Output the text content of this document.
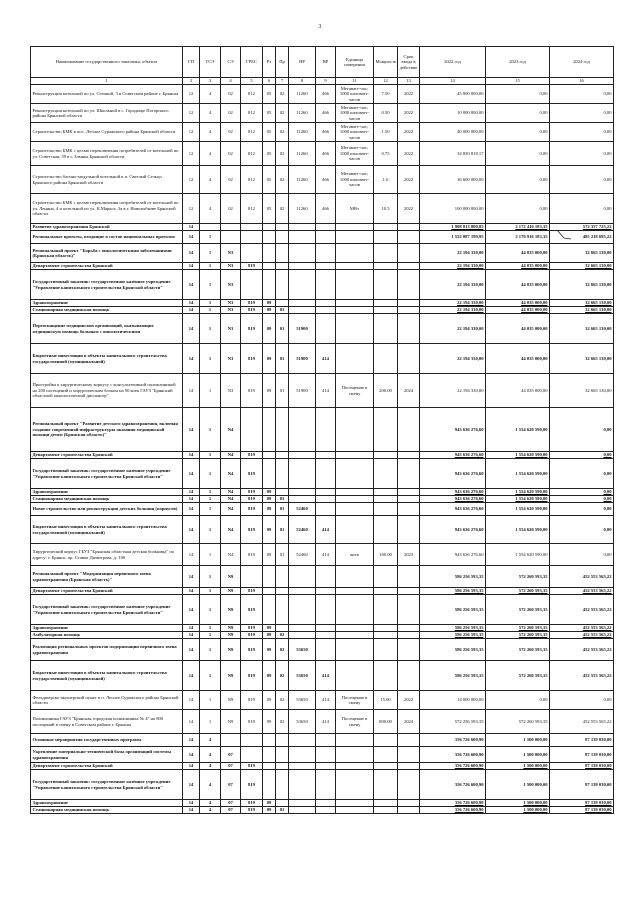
3
Наименование государственного заказчика, объекта	ГП	ТСЭ	СЭ	ГРБС	Рз	Пр	НР	ВР	Единица измерения	Мощность	Срок ввода в действие	2022 год	2023 год	2024 год
1	2	3	4	5	6	7	8	9	11	12	13	14	15	16
Реконструкция котельной по ул. Степной, 3 в Советском районе г. Брянска	12	4	02	812	05	02	11260	466	Мегаватт-час; 1000 киловатт-часов	7.50	2022	45 000 000,00	0,00	0,00
Реконструкция котельной по ул. Школьной в с. Городище Погарского района Брянской области	12	4	02	812	05	02	11260	466	Мегаватт-час; 1000 киловатт-часов	0.50	2022	10 000 000,00	0,00	0,00
Строительство БМК в пос. Лесное Суражского района Брянской области	12	4	02	812	05	02	11260	466	Мегаватт-час; 1000 киловатт-часов	1.50	2022	40 000 000,00	0,00	0,00
Строительство БМК с целью переключения потребителей от котельной по ул. Советская, 59 в г. Злынка Брянской области	12	4	02	812	05	02	11260	466	Мегаватт-час; 1000 киловатт-часов	0.75	2022	34 830 818,17	0,00	0,00
Строительство блочно-модульной котельной в п. Светлый Сельцо Брянского района Брянской области	12	4	02	812	05	02	11260	466	Мегаватт-час; 1000 киловатт-часов	1.6	2022	36 600 000,00	0,00	0,00
Строительство БМК с целью переключения потребителей от котельной по ул. Ленина, 4 и котельной по ул. К.Маркса, 3а в г. Новозыбкове Брянской области	12	4	02	812	05	02	11260	466	МВт	10.5	2022	100 000 000,00	0,00	0,00
Развитие здравоохранения Брянской	14											1 908 813 800,85	2 172 416 183,35	572 357 725,22
Региональные проекты, входящие в состав национальных проектов	14	1										1 552 087 199,95	2 170 916 183,35	485 218 695,22
Региональный проект "Борьба с онкологическими заболеваниями (Брянская область)"	14	1	N3									22 194 330,00	44 035 000,00	32 665 130,00
Департамент строительства Брянской	14	1	N3	819								22 194 330,00	44 035 000,00	32 665 130,00
Государственный заказчик: государственное казённое учреждение "Управление капитального строительства Брянской области"	14	1	N3									22 194 330,00	44 035 000,00	32 665 130,00
Здравоохранение	14	1	N3	819	09							22 194 330,00	44 035 000,00	32 665 130,00
Стационарная медицинская помощь	14	1	N3	819	09	01						22 194 330,00	44 035 000,00	32 665 130,00
Переоснащение медицинских организаций, оказывающих медицинскую помощь больным с онкологическими	14	1	N3	819	09	01	51900					22 194 330,00	44 035 000,00	32 665 130,00
Бюджетные инвестиции в объекты капитального строительства государственной (муниципальной)	14	1	N3	819	09	01	51900	414				22 194 330,00	44 035 000,00	32 665 130,00
Пристройка к хирургическому корпусу с консультативной поликлиникой на 200 посещений и хирургическим блоком на 90 коек ГАУЗ "Брянский областной онкологический диспансер"	14	1	N3	819	09	01	51900	414	Посещение в смену	200.00	2024	22 194 330,00	44 035 000,00	32 665 130,00
Региональный проект "Развитие детского здравоохранения, включая создание современной инфраструктуры оказания медицинской помощи детям (Брянская область)"	14	1	N4									943 636 276,60	1 554 620 590,00	0,00
Департамент строительства Брянской	14	1	N4	819								943 636 276,60	1 554 620 590,00	0,00
Государственный заказчик: государственное казённое учреждение "Управление капитального строительства Брянской области"	14	1	N4	819								943 636 276,60	1 554 620 590,00	0,00
Здравоохранение	14	1	N4	819	09							943 636 276,60	1 554 620 590,00	0,00
Стационарная медицинская помощь	14	1	N4	819	09	01						943 636 276,60	1 554 620 590,00	0,00
Новое строительство или реконструкция детских больниц (корпусов)	14	1	N4	819	09	01	52460					943 636 276,60	1 554 620 590,00	0,00
Бюджетные инвестиции в объекты капитального строительства государственной (муниципальной)	14	1	N4	819	09	01	52460	414				943 636 276,60	1 554 620 590,00	0,00
Хирургический корпус ГБУЗ "Брянская областная детская больница" по адресу: г. Брянск, пр. Станке Димитрова, д. 100	14	1	N4	819	09	01	52460	414	коек	160.00	2023	943 636 276,60	1 554 620 590,00	0,00
Региональный проект "Модернизация первичного звена здравоохранения (Брянская область)"	14	1	N9									586 256 593,35	572 260 593,35	452 553 565,22
Департамент строительства Брянской	14	1	N9	819								586 256 593,35	572 260 593,35	452 553 565,22
Государственный заказчик: государственное казённое учреждение "Управление капитального строительства Брянской области"	14	1	N9	819								586 256 593,35	572 260 593,35	452 553 565,22
Здравоохранение	14	1	N9	819	09							586 256 593,35	572 260 593,35	452 553 565,22
Амбулаторная помощь	14	1	N9	819	09	02						586 256 593,35	572 260 593,35	452 553 565,22
Реализация региональных проектов модернизации первичного звена здравоохранения	14	1	N9	819	09	02	53650					586 256 593,35	572 260 593,35	452 553 565,22
Бюджетные инвестиции в объекты капитального строительства государственной (муниципальной)	14	1	N9	819	09	02	53650	414				586 256 593,35	572 260 593,35	452 553 565,22
Фельдшерско-акушерский пункт в п. Лесное Суражского района Брянской области	14	1	N9	819	09	02	53650	414	Посещение в смену	15.00	2022	14 000 000,00	0,00	0,00
Поликлиника ГАУЗ "Брянская городская поликлиника № 4" на 800 посещений в смену в Советском районе г. Брянска	14	1	N9	819	09	02	53650	414	Посещение в смену	800.00	2024	572 256 593,35	572 260 593,35	452 553 565,22
Основные мероприятия государственных программ	14	4										356 726 600,90	1 500 000,00	87 139 030,00
Укрепление материально-технической базы организаций системы здравоохранения	14	4	07									356 726 600,90	1 500 000,00	87 139 030,00
Департамент строительства Брянской	14	4	07	819								356 726 600,90	1 500 000,00	87 139 030,00
Государственный заказчик: государственное казённое учреждение "Управление капитального строительства Брянской области"	14	4	07	819								356 726 600,90	1 500 000,00	87 139 030,00
Здравоохранение	14	4	07	819	09							356 726 600,90	1 500 000,00	87 139 030,00
Стационарная медицинская помощь	14	4	07	819	09	01						356 726 600,90	1 500 000,00	87 139 030,00
